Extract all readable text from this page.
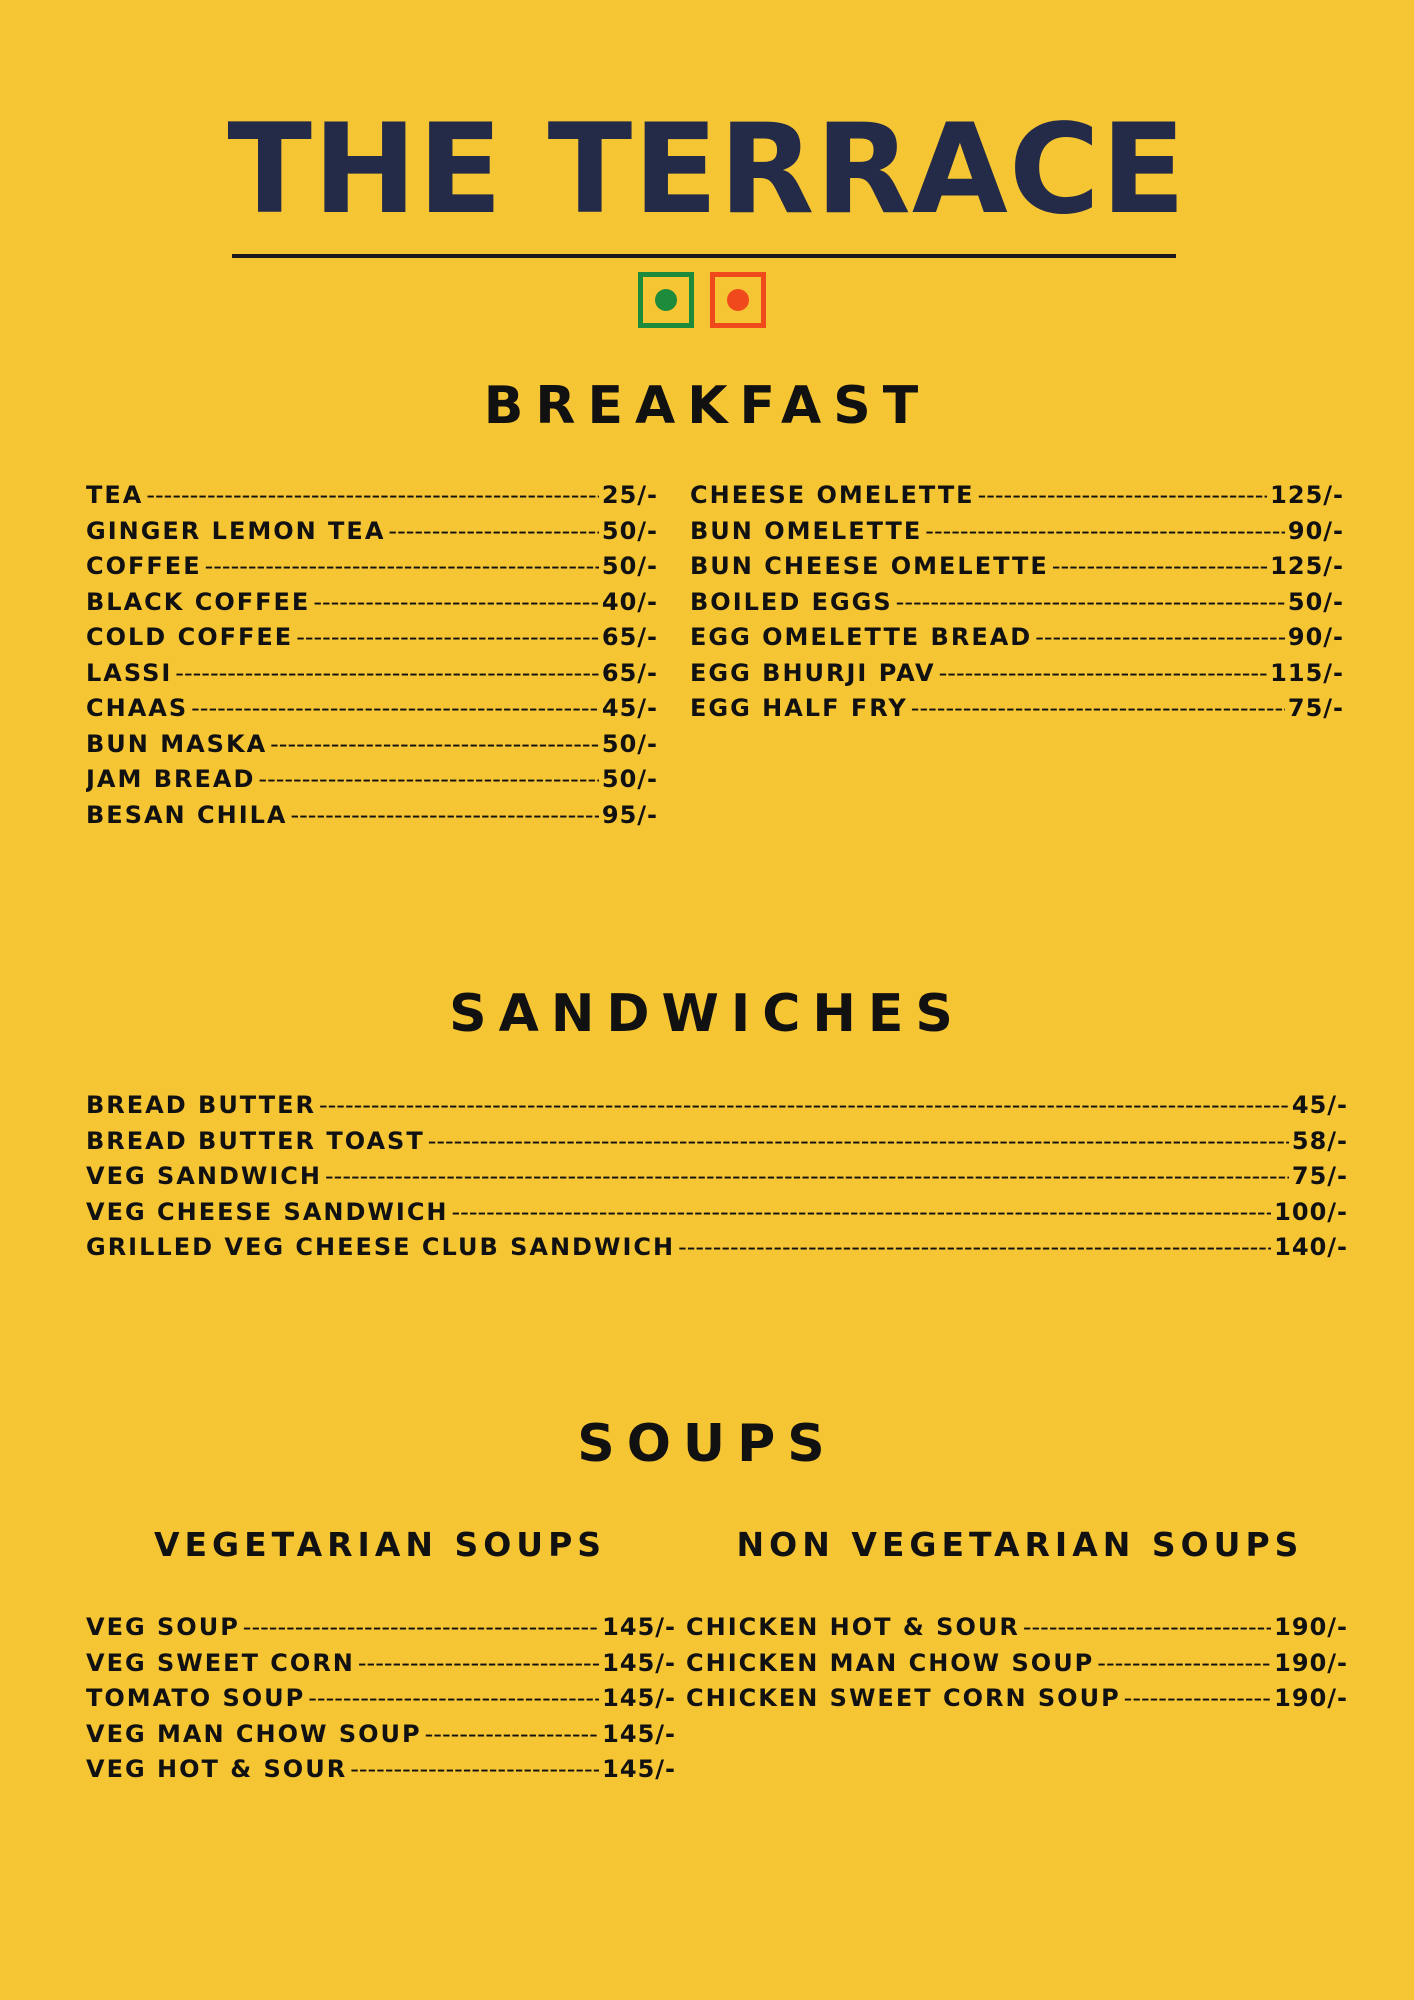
THE TERRACE
BREAKFAST
TEA -----	25/-
GINGER LEMON TEA -----	50/-
COFFEE -----	50/-
BLACK COFFEE -----	40/-
COLD COFFEE -----	65/-
LASSI -----	65/-
CHAAS -----	45/-
BUN MASKA -----	50/-
JAM BREAD -----	50/-
BESAN CHILA -----	95/-
CHEESE OMELETTE -----	125/-
BUN OMELETTE -----	90/-
BUN CHEESE OMELETTE -----	125/-
BOILED EGGS -----	50/-
EGG OMELETTE BREAD -----	90/-
EGG BHURJI PAV -----	115/-
EGG HALF FRY -----	75/-
SANDWICHES
BREAD BUTTER -----	45/-
BREAD BUTTER TOAST -----	58/-
VEG SANDWICH -----	75/-
VEG CHEESE SANDWICH -----	100/-
GRILLED VEG CHEESE CLUB SANDWICH -----	140/-
SOUPS
VEGETARIAN SOUPS	NON VEGETARIAN SOUPS
VEG SOUP -----	145/-
VEG SWEET CORN -----	145/-
TOMATO SOUP -----	145/-
VEG MAN CHOW SOUP -----	145/-
VEG HOT & SOUR -----	145/-
CHICKEN HOT & SOUR -----	190/-
CHICKEN MAN CHOW SOUP -----	190/-
CHICKEN SWEET CORN SOUP -----	190/-
